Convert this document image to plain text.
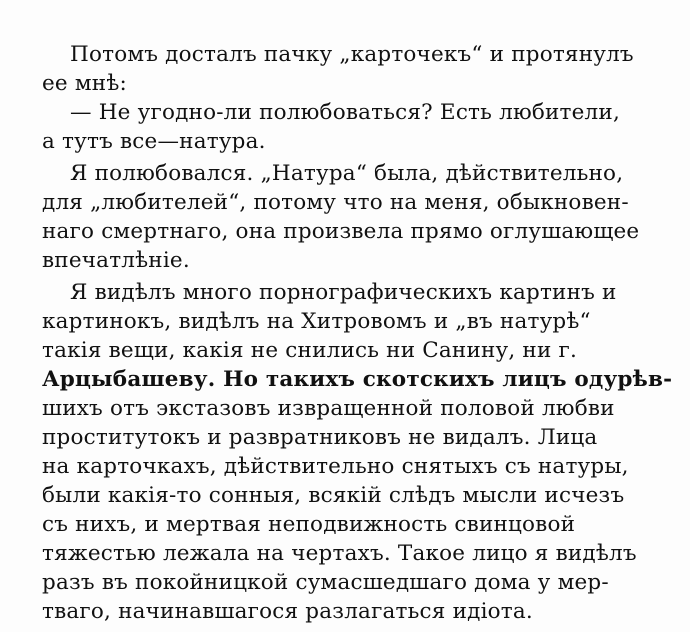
Потомъ досталъ пачку „карточекъ“ и протянулъ
ее мнѣ:
— Не угодно-ли полюбоваться? Есть любители,
а тутъ все—натура.
Я полюбовался. „Натура“ была, дѣйствительно,
для „любителей“, потому что на меня, обыкновен-
наго смертнаго, она произвела прямо оглушающее
впечатлѣніе.
Я видѣлъ много порнографическихъ картинъ и
картинокъ, видѣлъ на Хитровомъ и „въ натурѣ“
такія вещи, какія не снились ни Санину, ни г.
Арцыбашеву. Но такихъ скотскихъ лицъ одурѣв-
шихъ отъ экстазовъ извращенной половой любви
проститутокъ и развратниковъ не видалъ. Лица
на карточкахъ, дѣйствительно снятыхъ съ натуры,
были какія-то сонныя, всякій слѣдъ мысли исчезъ
съ нихъ, и мертвая неподвижность свинцовой
тяжестью лежала на чертахъ. Такое лицо я видѣлъ
разъ въ покойницкой сумасшедшаго дома у мер-
тваго, начинавшагося разлагаться идіота.
